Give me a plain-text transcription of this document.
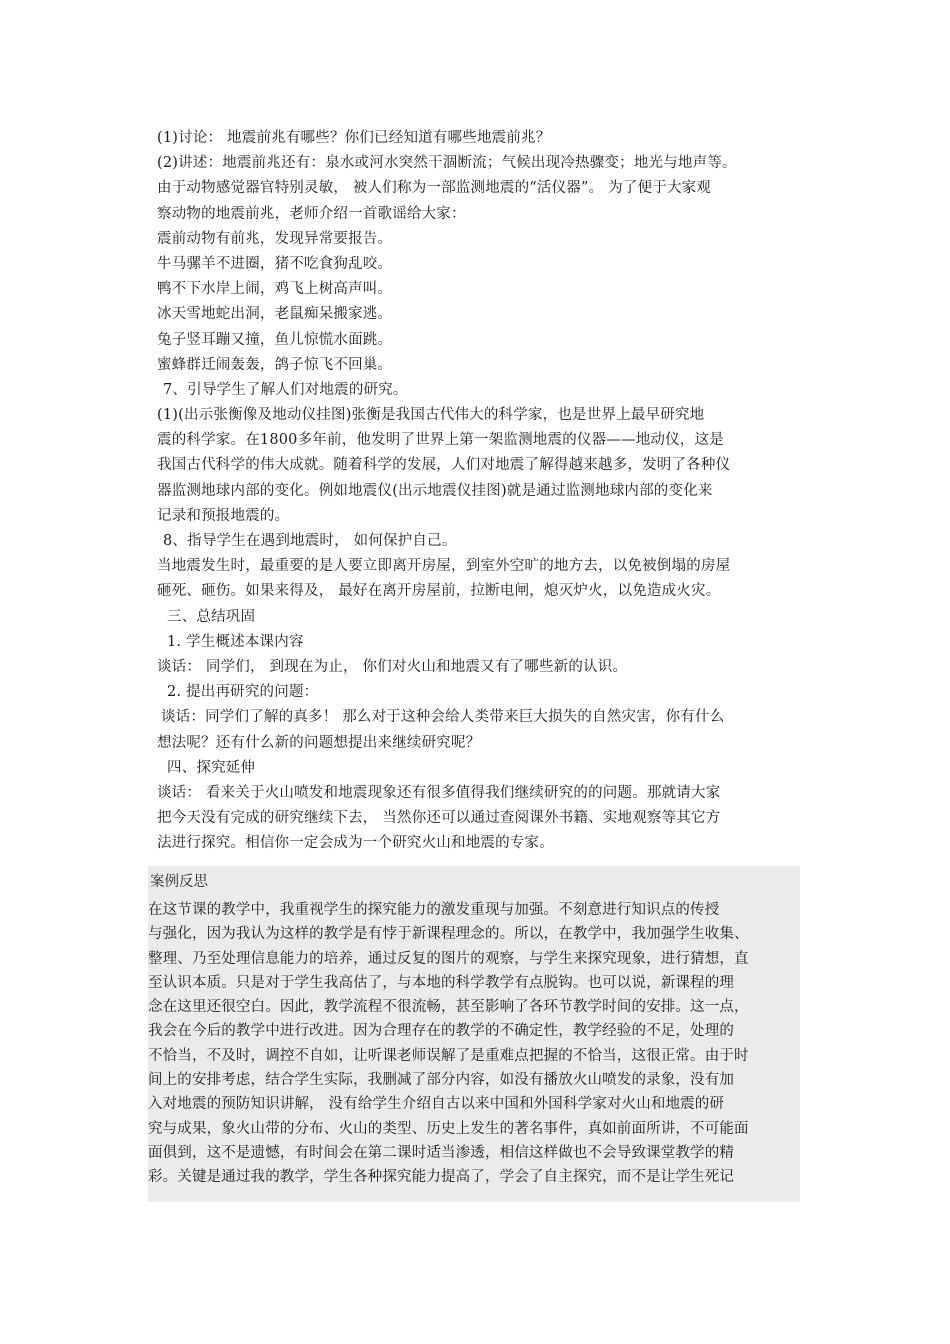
(1)讨论： 地震前兆有哪些？你们已经知道有哪些地震前兆？
(2)讲述：地震前兆还有：泉水或河水突然干涸断流；气候出现冷热骤变；地光与地声等。
由于动物感觉器官特别灵敏， 被人们称为一部监测地震的“活仪器”。 为了便于大家观
察动物的地震前兆，老师介绍一首歌谣给大家：
震前动物有前兆，发现异常要报告。
牛马骡羊不进圈，猪不吃食狗乱咬。
鸭不下水岸上闹，鸡飞上树高声叫。
冰天雪地蛇出洞，老鼠痴呆搬家逃。
兔子竖耳蹦又撞，鱼儿惊慌水面跳。
蜜蜂群迁闹轰轰，鸽子惊飞不回巢。
7、引导学生了解人们对地震的研究。
(1)(出示张衡像及地动仪挂图)张衡是我国古代伟大的科学家，也是世界上最早研究地
震的科学家。在1800多年前，他发明了世界上第一架监测地震的仪器——地动仪，这是
我国古代科学的伟大成就。随着科学的发展，人们对地震了解得越来越多，发明了各种仪
器监测地球内部的变化。例如地震仪(出示地震仪挂图)就是通过监测地球内部的变化来
记录和预报地震的。
8、指导学生在遇到地震时， 如何保护自己。
当地震发生时，最重要的是人要立即离开房屋，到室外空旷的地方去，以免被倒塌的房屋
砸死、砸伤。如果来得及， 最好在离开房屋前，拉断电闸，熄灭炉火，以免造成火灾。
三、总结巩固
1. 学生概述本课内容
谈话： 同学们， 到现在为止， 你们对火山和地震又有了哪些新的认识。
2. 提出再研究的问题：
谈话：同学们了解的真多！ 那么对于这种会给人类带来巨大损失的自然灾害，你有什么
想法呢？还有什么新的问题想提出来继续研究呢？
四、探究延伸
谈话： 看来关于火山喷发和地震现象还有很多值得我们继续研究的的问题。那就请大家
把今天没有完成的研究继续下去， 当然你还可以通过查阅课外书籍、实地观察等其它方
法进行探究。相信你一定会成为一个研究火山和地震的专家。
案例反思
在这节课的教学中，我重视学生的探究能力的激发重现与加强。不刻意进行知识点的传授
与强化，因为我认为这样的教学是有悖于新课程理念的。所以，在教学中，我加强学生收集、
整理、乃至处理信息能力的培养，通过反复的图片的观察，与学生来探究现象，进行猜想，直
至认识本质。只是对于学生我高估了，与本地的科学教学有点脱钩。也可以说，新课程的理
念在这里还很空白。因此，教学流程不很流畅，甚至影响了各环节教学时间的安排。这一点，
我会在今后的教学中进行改进。因为合理存在的教学的不确定性，教学经验的不足，处理的
不恰当，不及时，调控不自如，让听课老师误解了是重难点把握的不恰当，这很正常。由于时
间上的安排考虑，结合学生实际，我删减了部分内容，如没有播放火山喷发的录象，没有加
入对地震的预防知识讲解， 没有给学生介绍自古以来中国和外国科学家对火山和地震的研
究与成果，象火山带的分布、火山的类型、历史上发生的著名事件，真如前面所讲，不可能面
面俱到，这不是遗憾，有时间会在第二课时适当渗透，相信这样做也不会导致课堂教学的精
彩。关键是通过我的教学，学生各种探究能力提高了，学会了自主探究，而不是让学生死记
